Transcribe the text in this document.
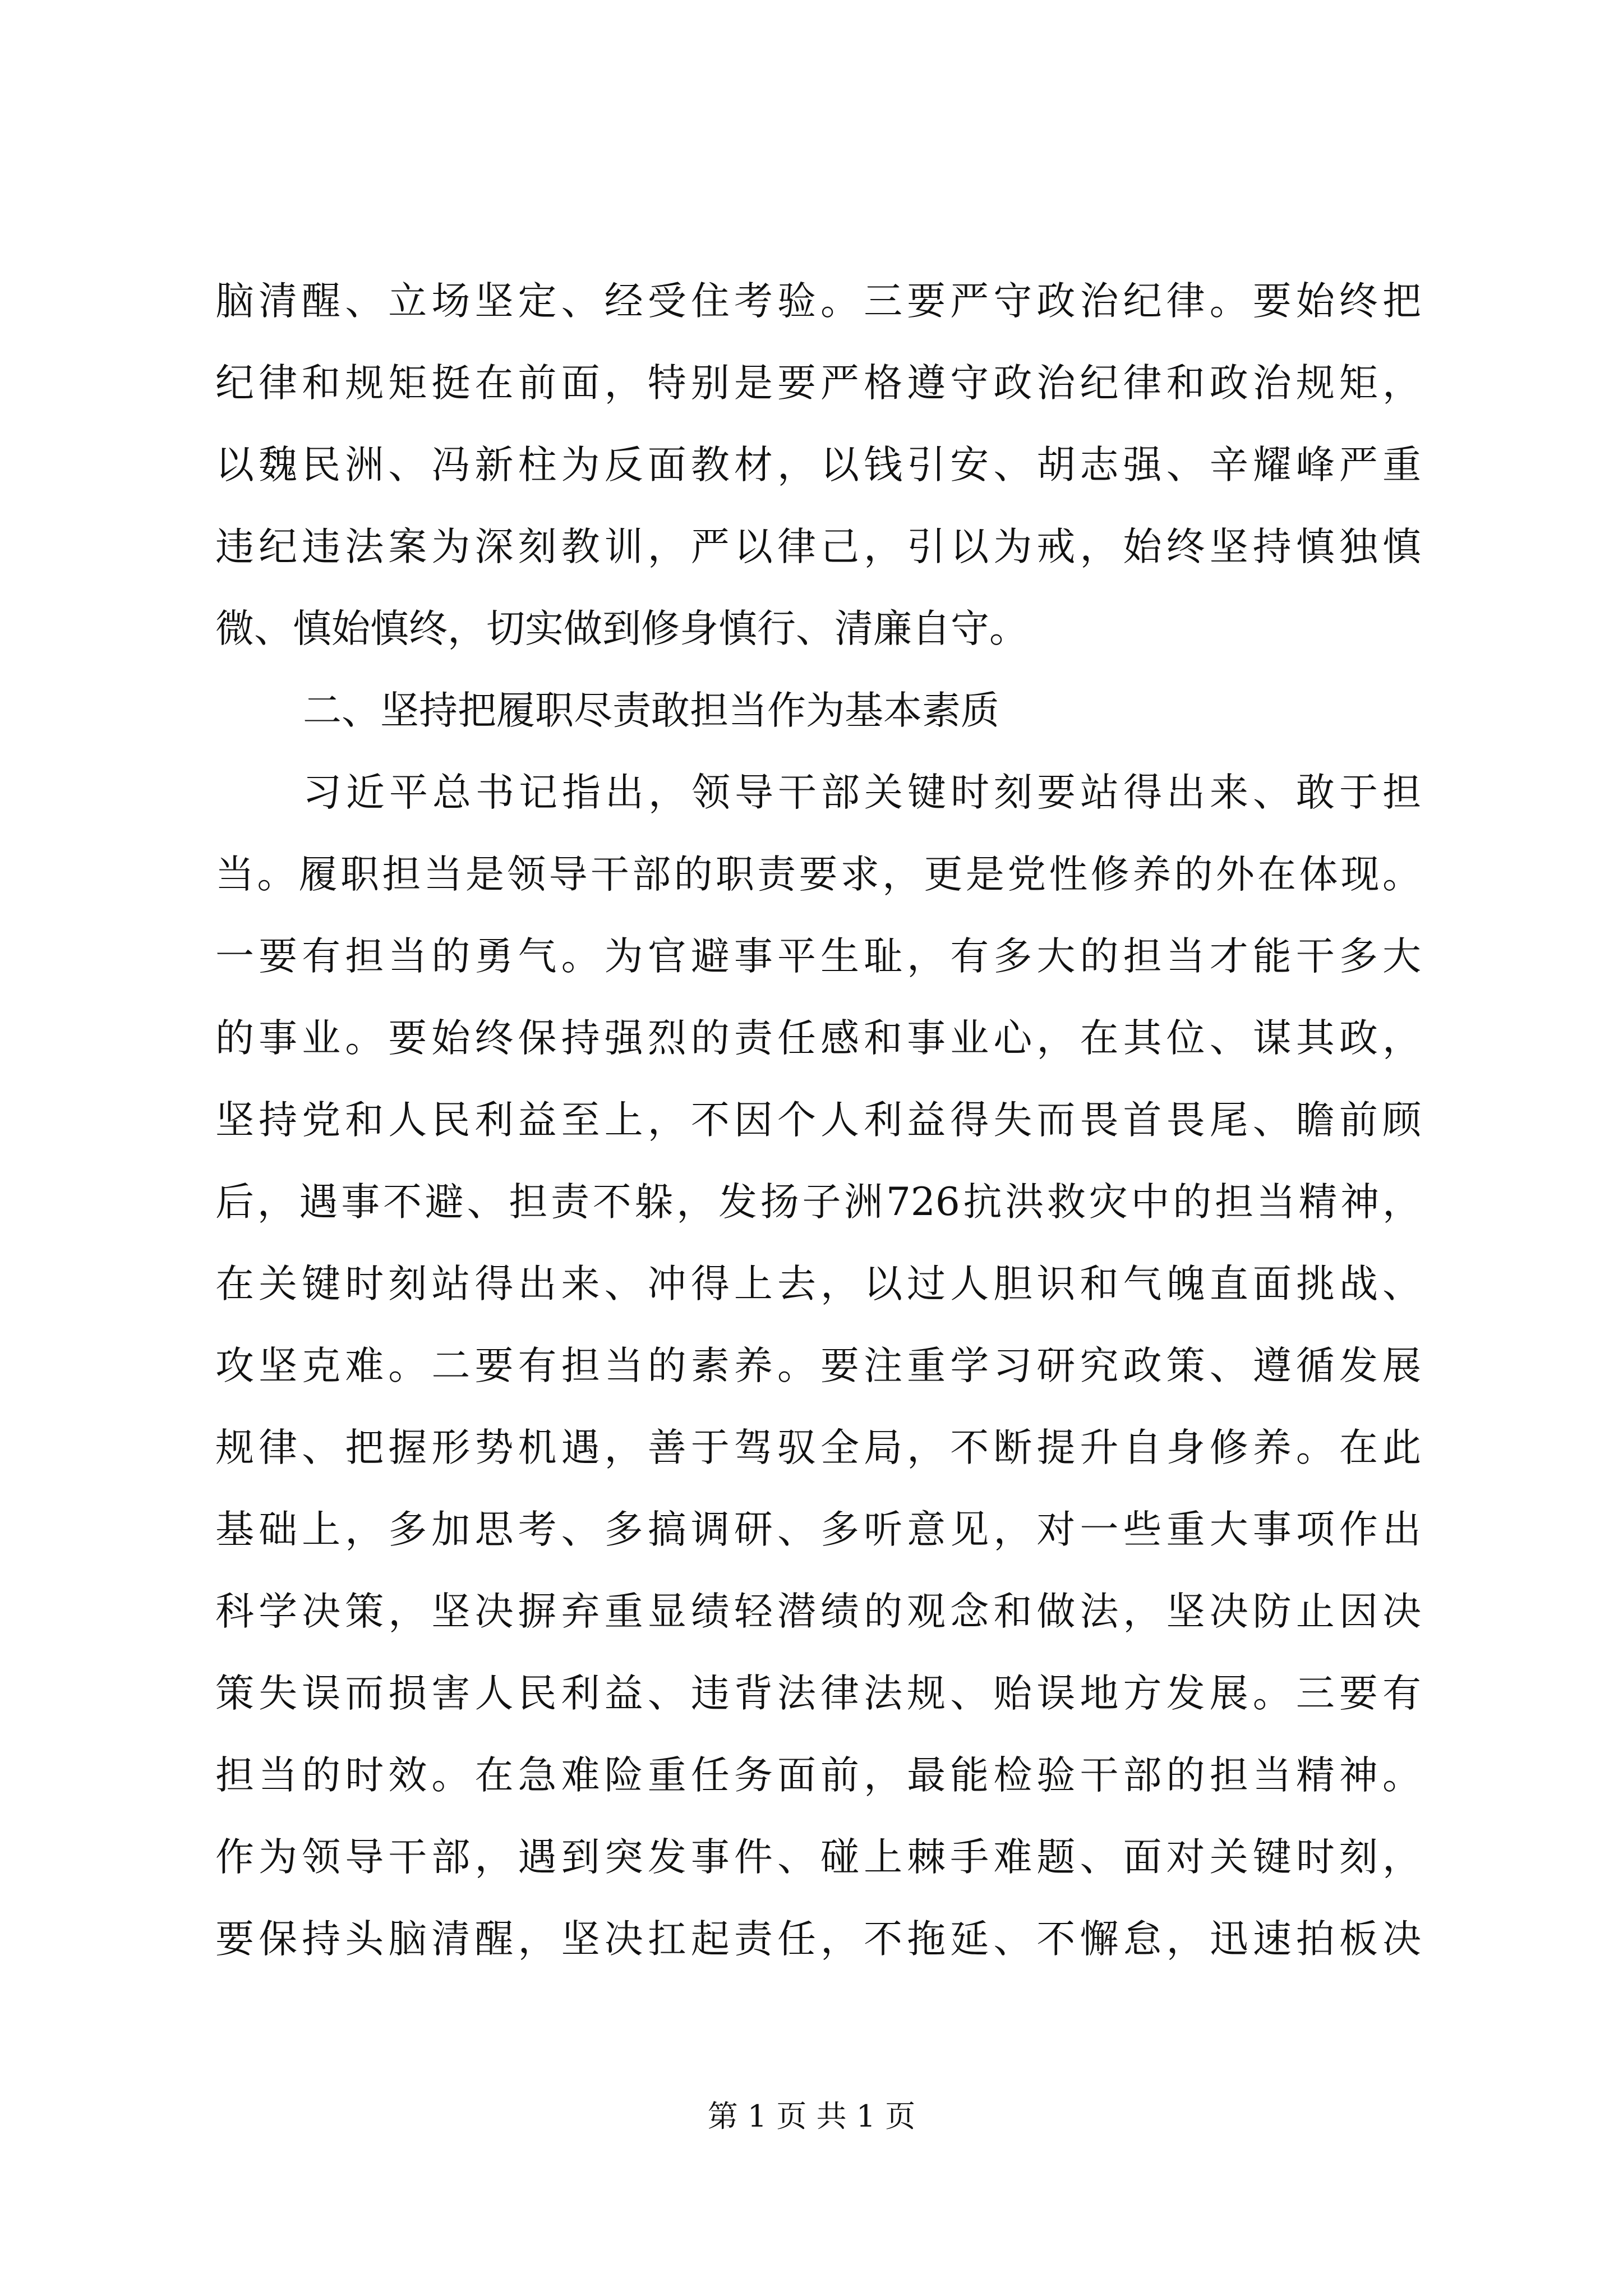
脑清醒、立场坚定、经受住考验。三要严守政治纪律。要始终把
纪律和规矩挺在前面，特别是要严格遵守政治纪律和政治规矩，
以魏民洲、冯新柱为反面教材，以钱引安、胡志强、辛耀峰严重
违纪违法案为深刻教训，严以律己，引以为戒，始终坚持慎独慎
微、慎始慎终，切实做到修身慎行、清廉自守。
二、坚持把履职尽责敢担当作为基本素质
习近平总书记指出，领导干部关键时刻要站得出来、敢于担
当。履职担当是领导干部的职责要求，更是党性修养的外在体现。
一要有担当的勇气。为官避事平生耻，有多大的担当才能干多大
的事业。要始终保持强烈的责任感和事业心，在其位、谋其政，
坚持党和人民利益至上，不因个人利益得失而畏首畏尾、瞻前顾
后，遇事不避、担责不躲，发扬子洲726抗洪救灾中的担当精神，
在关键时刻站得出来、冲得上去，以过人胆识和气魄直面挑战、
攻坚克难。二要有担当的素养。要注重学习研究政策、遵循发展
规律、把握形势机遇，善于驾驭全局，不断提升自身修养。在此
基础上，多加思考、多搞调研、多听意见，对一些重大事项作出
科学决策，坚决摒弃重显绩轻潜绩的观念和做法，坚决防止因决
策失误而损害人民利益、违背法律法规、贻误地方发展。三要有
担当的时效。在急难险重任务面前，最能检验干部的担当精神。
作为领导干部，遇到突发事件、碰上棘手难题、面对关键时刻，
要保持头脑清醒，坚决扛起责任，不拖延、不懈怠，迅速拍板决
第 1 页 共 1 页
